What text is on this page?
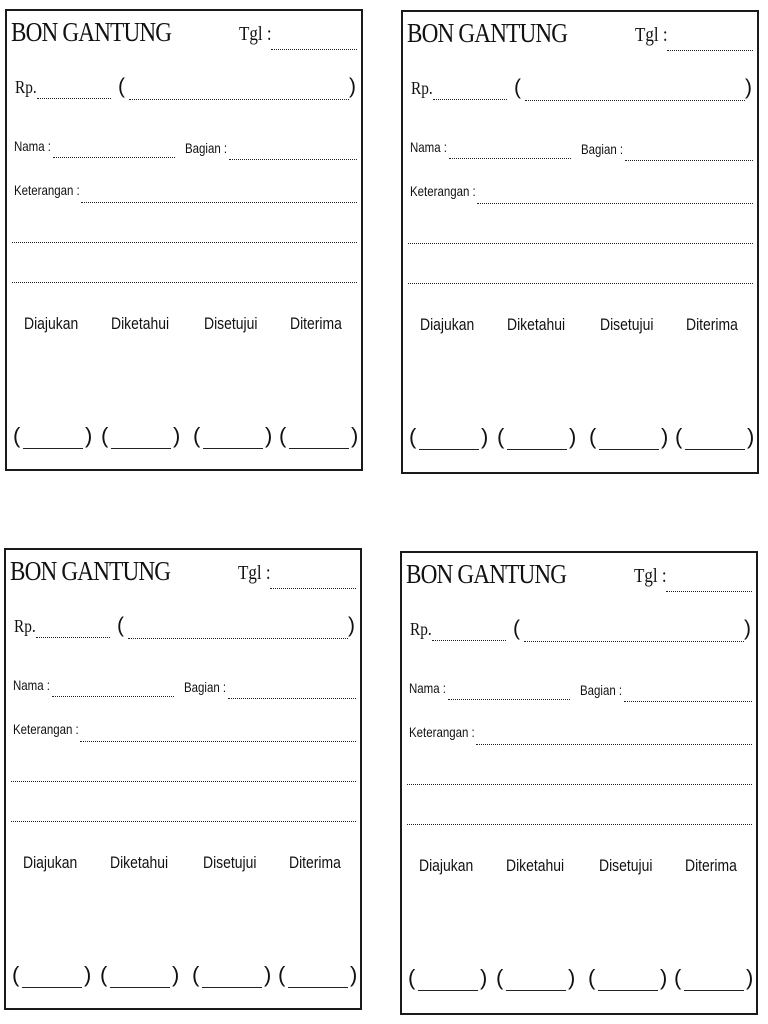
BON GANTUNG	Tgl :
Rp.	(	)
Nama :	Bagian :
Keterangan :
Diajukan Diketahui Disetujui Diterima
(	) (	) (	) (	)
BON GANTUNG	Tgl :
Rp.	(	)
Nama :	Bagian :
Keterangan :
Diajukan Diketahui Disetujui Diterima
(	) (	) (	) (	)
BON GANTUNG	Tgl :
Rp.	(	)
Nama :	Bagian :
Keterangan :
Diajukan Diketahui Disetujui Diterima
(	) (	) (	) (	)
BON GANTUNG	Tgl :
Rp.	(	)
Nama :	Bagian :
Keterangan :
Diajukan Diketahui Disetujui Diterima
(	) (	) (	) (	)
